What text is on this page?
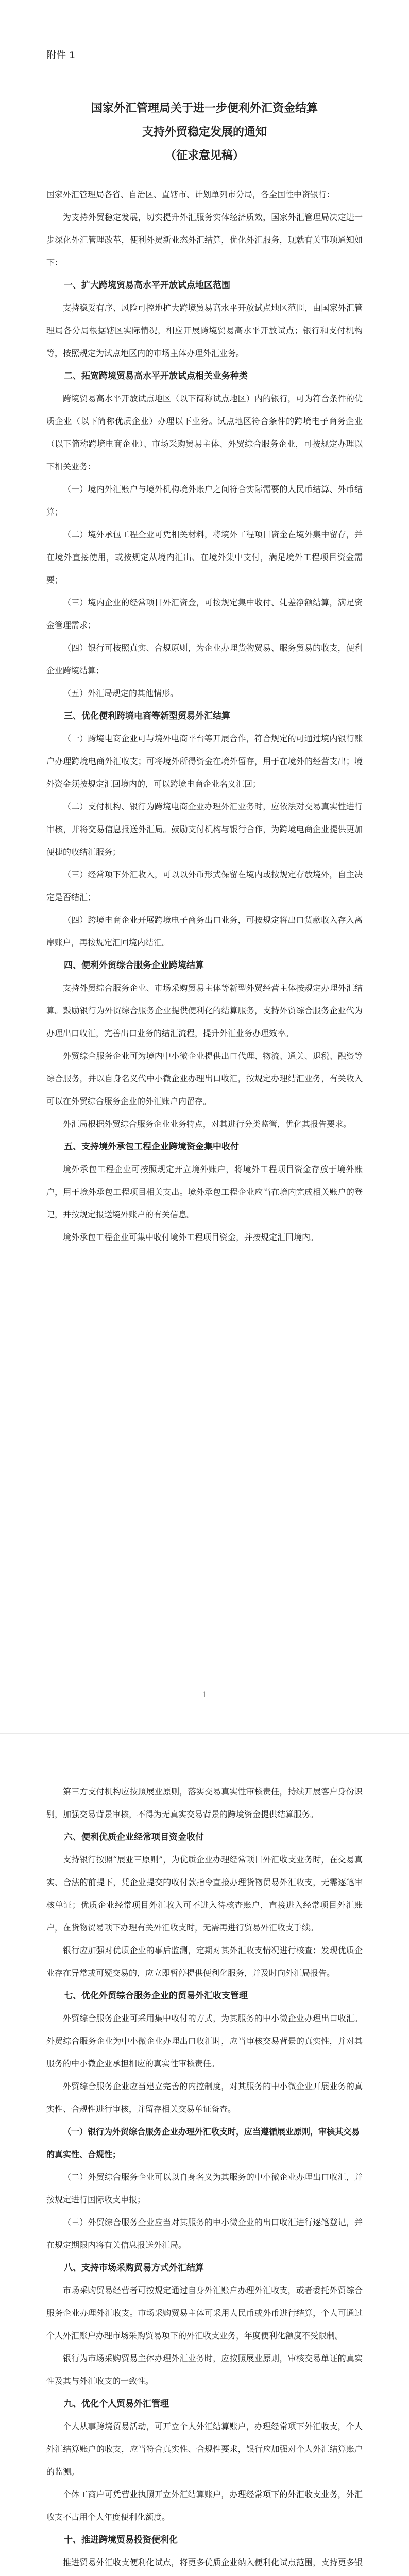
附件 1

国家外汇管理局关于进一步便利外汇资金结算

支持外贸稳定发展的通知

（征求意见稿）

国家外汇管理局各省、自治区、直辖市、计划单列市分局，各全国性中资银行：

为支持外贸稳定发展，切实提升外汇服务实体经济质效，国家外汇管理局决定进一步深化外汇管理改革，便利外贸新业态外汇结算，优化外汇服务，现就有关事项通知如下：

一、扩大跨境贸易高水平开放试点地区范围

支持稳妥有序、风险可控地扩大跨境贸易高水平开放试点地区范围，由国家外汇管理局各分局根据辖区实际情况，相应开展跨境贸易高水平开放试点；银行和支付机构等，按照规定为试点地区内的市场主体办理外汇业务。

二、拓宽跨境贸易高水平开放试点相关业务种类

跨境贸易高水平开放试点地区（以下简称试点地区）内的银行，可为符合条件的优质企业（以下简称优质企业）办理以下业务。试点地区符合条件的跨境电子商务企业（以下简称跨境电商企业）、市场采购贸易主体、外贸综合服务企业，可按规定办理以下相关业务：

（一）境内外汇账户与境外机构境外账户之间符合实际需要的人民币结算、外币结算；

（二）境外承包工程企业可凭相关材料，将境外工程项目资金在境外集中留存，并在境外直接使用，或按规定从境内汇出、在境外集中支付，满足境外工程项目资金需要；

（三）境内企业的经常项目外汇资金，可按规定集中收付、轧差净额结算，满足资金管理需求；

（四）银行可按照真实、合规原则，为企业办理货物贸易、服务贸易的收支，便利企业跨境结算；

（五）外汇局规定的其他情形。

三、优化便利跨境电商等新型贸易外汇结算

（一）跨境电商企业可与境外电商平台等开展合作，符合规定的可通过境内银行账户办理跨境电商外汇收支；可将境外所得资金在境外留存，用于在境外的经营支出；境外资金须按规定汇回境内的，可以跨境电商企业名义汇回；

（二）支付机构、银行为跨境电商企业办理外汇业务时，应依法对交易真实性进行审核，并将交易信息报送外汇局。鼓励支付机构与银行合作，为跨境电商企业提供更加便捷的收结汇服务；

（三）经常项下外汇收入，可以以外币形式保留在境内或按规定存放境外，自主决定是否结汇；

（四）跨境电商企业开展跨境电子商务出口业务，可按规定将出口货款收入存入离岸账户，再按规定汇回境内结汇。

四、便利外贸综合服务企业跨境结算

支持外贸综合服务企业、市场采购贸易主体等新型外贸经营主体按规定办理外汇结算。鼓励银行为外贸综合服务企业提供便利化的结算服务，支持外贸综合服务企业代为办理出口收汇，完善出口业务的结汇流程，提升外汇业务办理效率。

外贸综合服务企业可为境内中小微企业提供出口代理、物流、通关、退税、融资等综合服务，并以自身名义代中小微企业办理出口收汇，按规定办理结汇业务，有关收入可以在外贸综合服务企业的外汇账户内留存。

外汇局根据外贸综合服务企业业务特点，对其进行分类监管，优化其报告要求。

五、支持境外承包工程企业跨境资金集中收付

境外承包工程企业可按照规定开立境外账户，将境外工程项目资金存放于境外账户，用于境外承包工程项目相关支出。境外承包工程企业应当在境内完成相关账户的登记，并按规定报送境外账户的有关信息。

境外承包工程企业可集中收付境外工程项目资金，并按规定汇回境内。

1

第三方支付机构应按照展业原则，落实交易真实性审核责任，持续开展客户身份识别，加强交易背景审核，不得为无真实交易背景的跨境资金提供结算服务。

六、便利优质企业经常项目资金收付

支持银行按照“展业三原则”，为优质企业办理经常项目外汇收支业务时，在交易真实、合法的前提下，凭企业提交的收付款指令直接办理货物贸易外汇收支，无需逐笔审核单证；优质企业经常项目外汇收入可不进入待核查账户，直接进入经常项目外汇账户，在货物贸易项下办理有关外汇收支时，无需再进行贸易外汇收支手续。

银行应加强对优质企业的事后监测，定期对其外汇收支情况进行核查；发现优质企业存在异常或可疑交易的，应立即暂停提供便利化服务，并及时向外汇局报告。

七、优化外贸综合服务企业的贸易外汇收支管理

外贸综合服务企业可采用集中收付的方式，为其服务的中小微企业办理出口收汇。外贸综合服务企业为中小微企业办理出口收汇时，应当审核交易背景的真实性，并对其服务的中小微企业承担相应的真实性审核责任。

外贸综合服务企业应当建立完善的内控制度，对其服务的中小微企业开展业务的真实性、合规性进行审核，并留存相关交易单证备查。

（一）银行为外贸综合服务企业办理外汇收支时，应当遵循展业原则，审核其交易的真实性、合规性；

（二）外贸综合服务企业可以以自身名义为其服务的中小微企业办理出口收汇，并按规定进行国际收支申报；

（三）外贸综合服务企业应当对其服务的中小微企业的出口收汇进行逐笔登记，并在规定期限内将有关信息报送外汇局。

八、支持市场采购贸易方式外汇结算

市场采购贸易经营者可按规定通过自身外汇账户办理外汇收支，或者委托外贸综合服务企业办理外汇收支。市场采购贸易主体可采用人民币或外币进行结算，个人可通过个人外汇账户办理市场采购贸易项下的外汇收支业务，年度便利化额度不受限制。

银行为市场采购贸易主体办理外汇业务时，应按照展业原则，审核交易单证的真实性及其与外汇收支的一致性。

九、优化个人贸易外汇管理

个人从事跨境贸易活动，可开立个人外汇结算账户，办理经常项下外汇收支，个人外汇结算账户的收支，应当符合真实性、合规性要求，银行应加强对个人外汇结算账户的监测。

个体工商户可凭营业执照开立外汇结算账户，办理经常项下的外汇收支业务，外汇收支不占用个人年度便利化额度。

十、推进跨境贸易投资便利化

推进贸易外汇收支便利化试点，将更多优质企业纳入便利化试点范围，支持更多银
